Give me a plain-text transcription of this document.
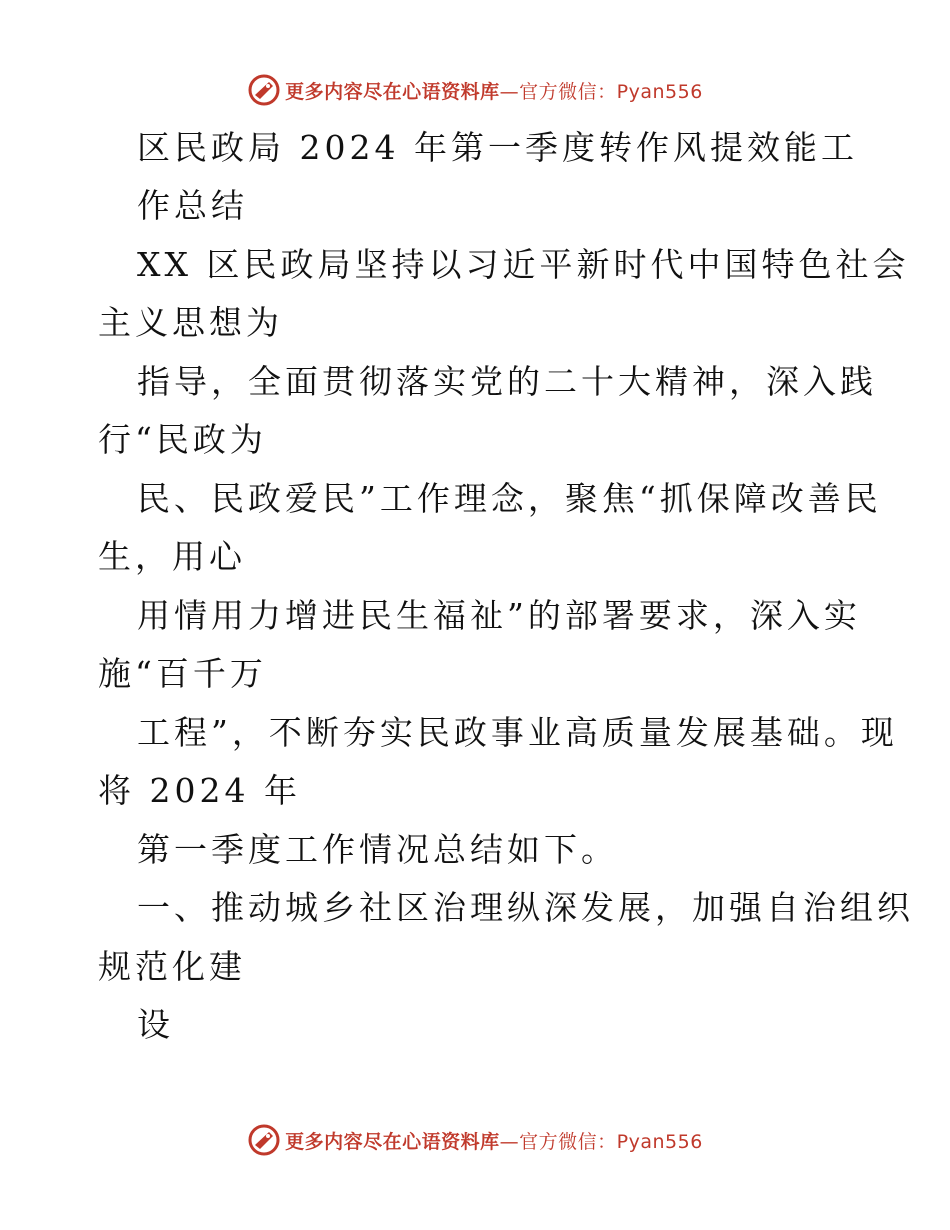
更多内容尽在心语资料库—官方微信：Pyan556
区民政局 2024 年第一季度转作风提效能工
作总结
XX 区民政局坚持以习近平新时代中国特色社会
主义思想为
指导，全面贯彻落实党的二十大精神，深入践
行“民政为
民、民政爱民”工作理念，聚焦“抓保障改善民
生，用心
用情用力增进民生福祉”的部署要求，深入实
施“百千万
工程”，不断夯实民政事业高质量发展基础。现
将 2024 年
第一季度工作情况总结如下。
一、推动城乡社区治理纵深发展，加强自治组织
规范化建
设
更多内容尽在心语资料库—官方微信：Pyan556
